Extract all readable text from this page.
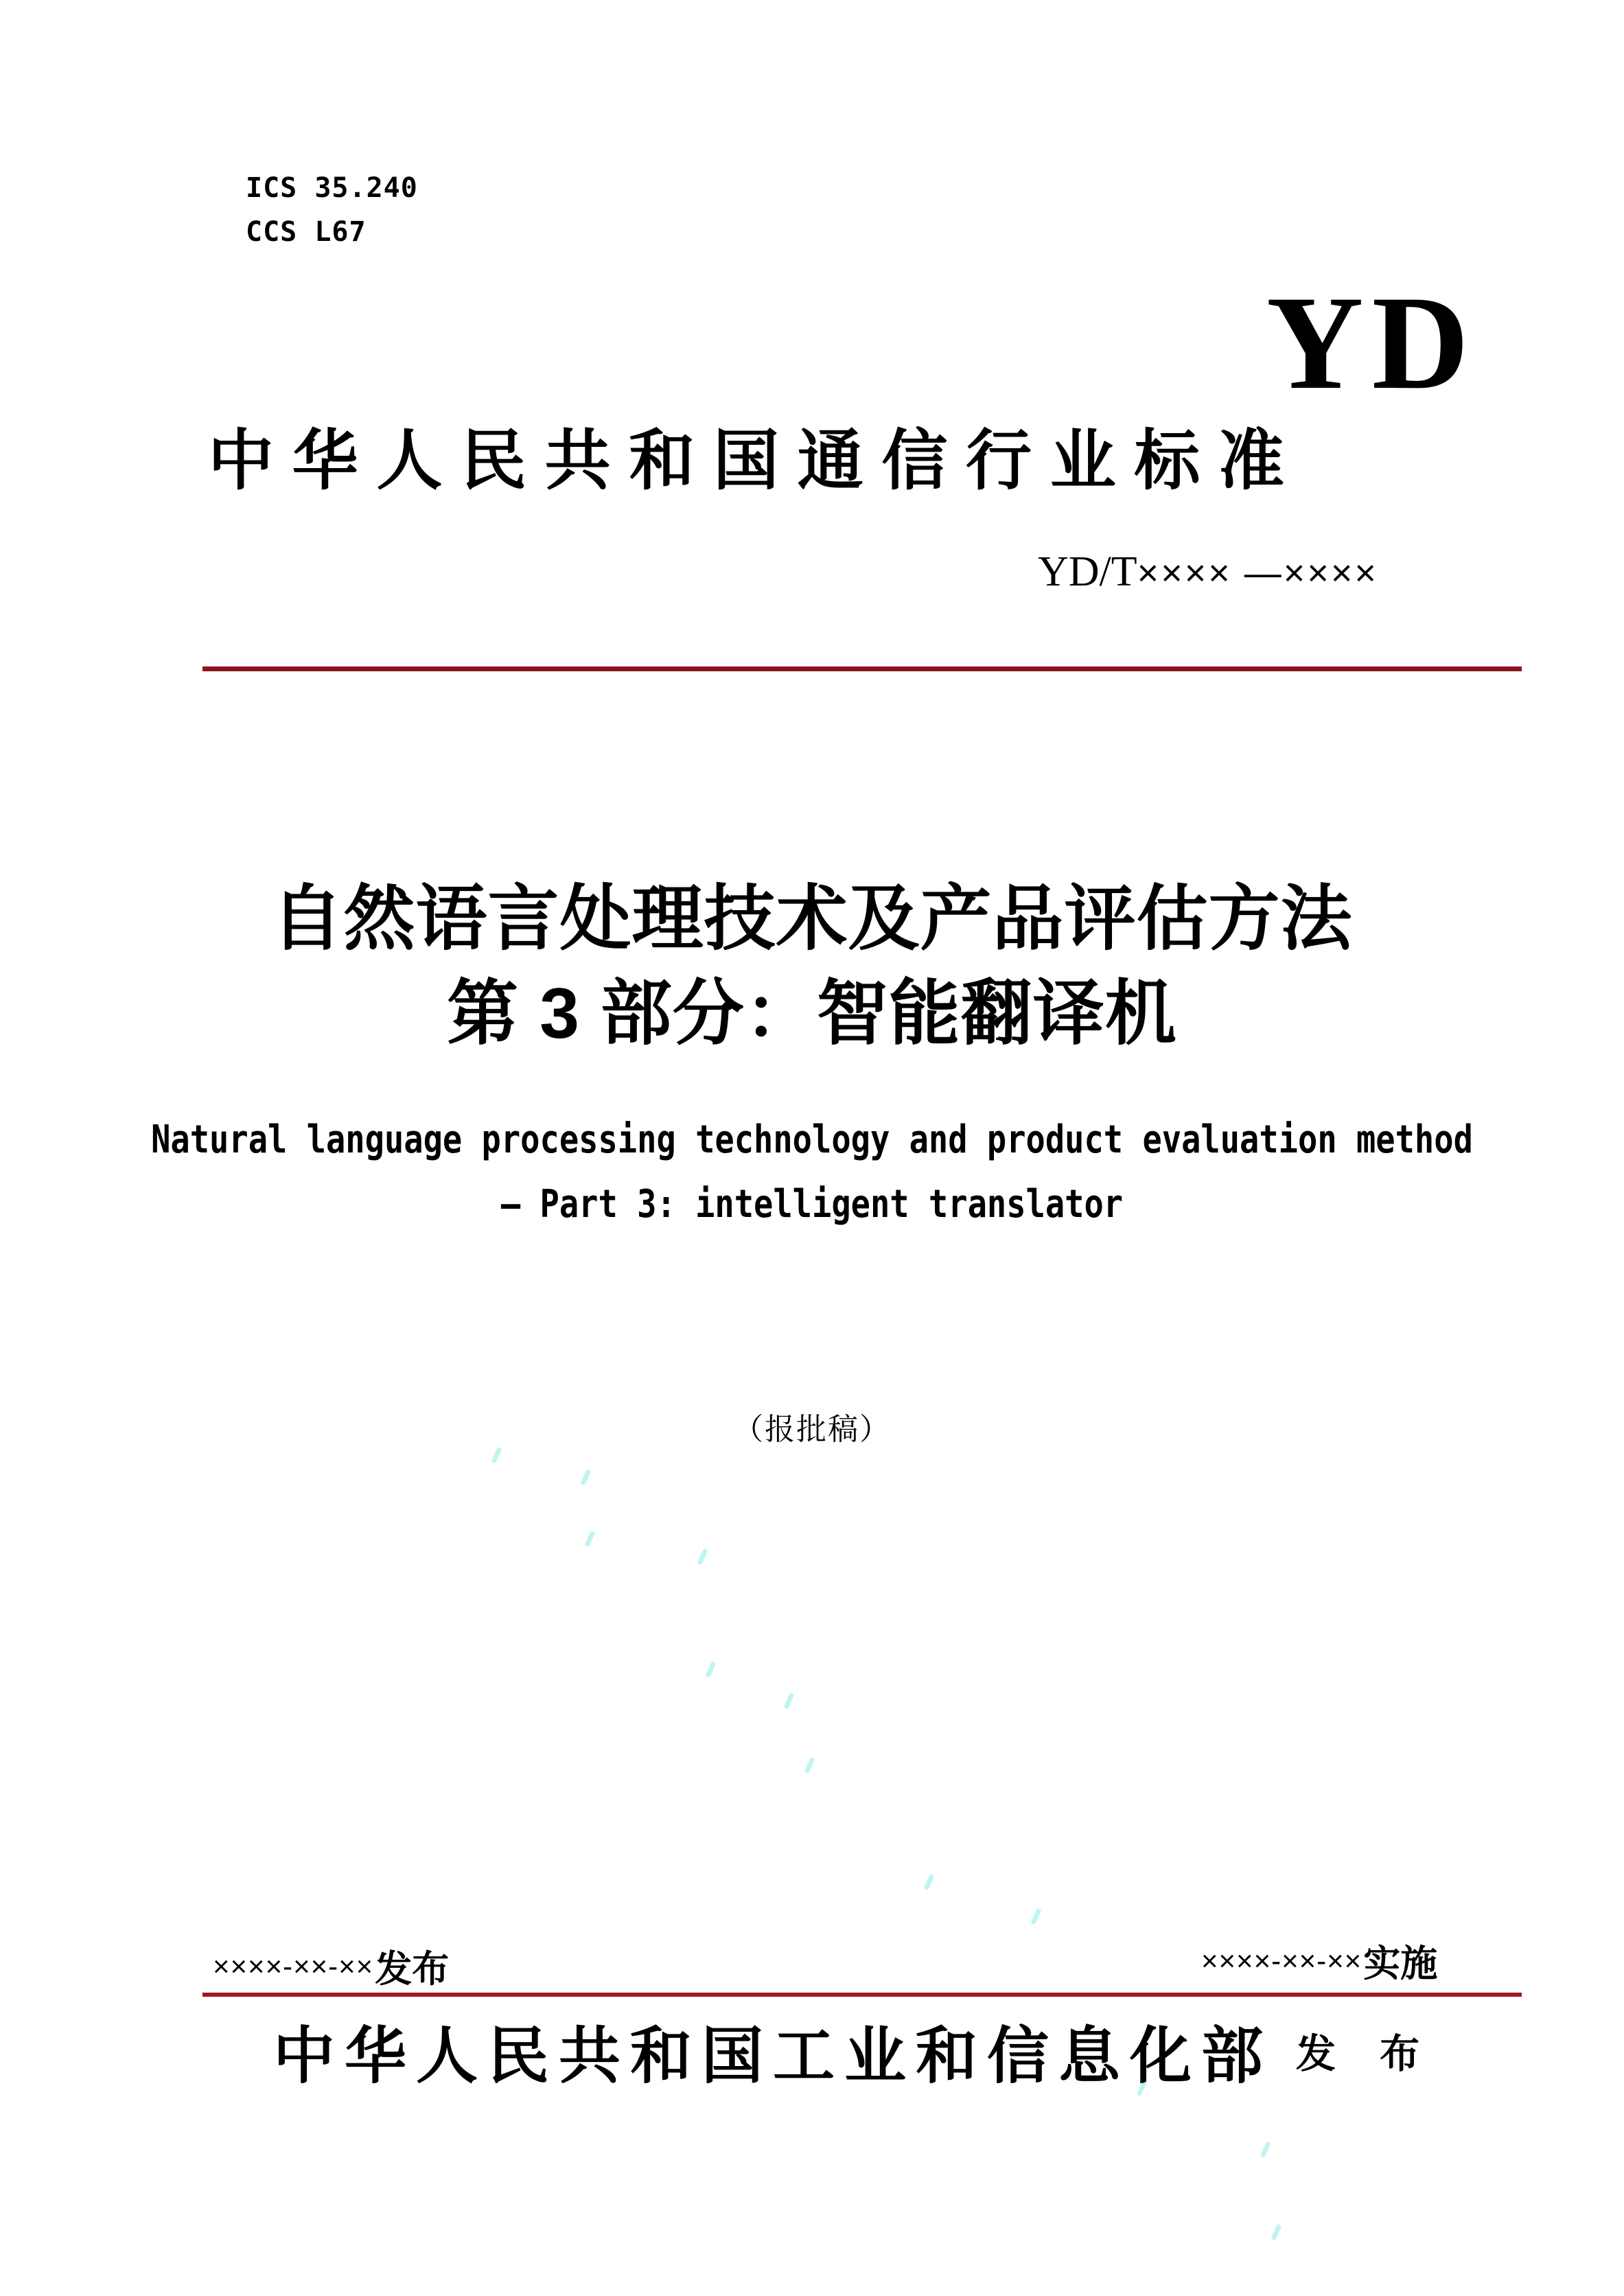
ICS 35.240
CCS L67
YD
中 华 人 民 共 和 国 通 信 行 业 标 准
YD/T×××× —××××
自然语言处理技术及产品评估方法
第 3 部分：智能翻译机
Natural language processing technology and product evaluation method
— Part 3: intelligent translator
（报批稿）
××××-××-×× 发布	××××-××-×× 实施
中华人民共和国工业和信息化部 发 布
